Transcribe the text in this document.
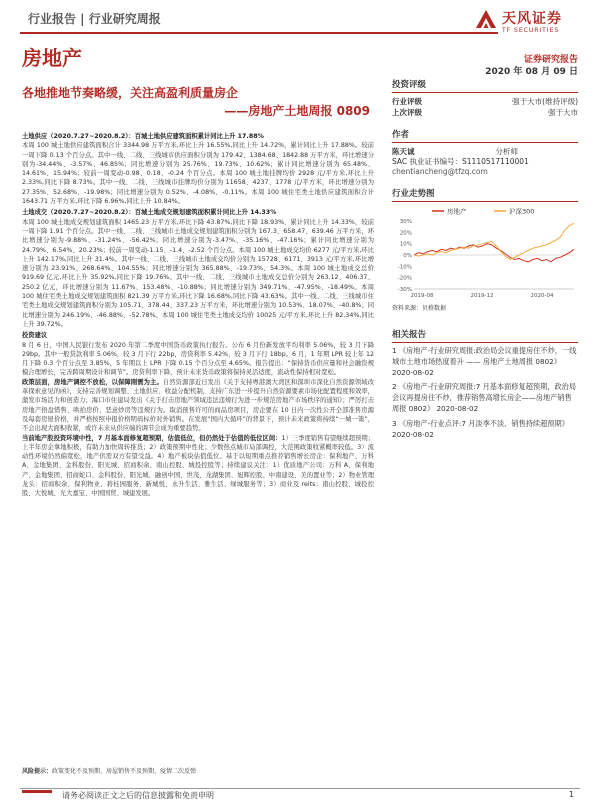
行业报告 | 行业研究周报	天风证券
TF SECURITIES
房地产	证券研究报告
2020 年 08 月 09 日
各地推地节奏略缓，关注高盈利质量房企
——房地产土地周报 0809

土地供应（2020.7.27~2020.8.2）：百城土地供应建筑面积累计同比上升 17.88%

本周 100 城土地供应建筑面积合计 3344.98 万平方米,环比上升 16.55%,同比上升 14.72%，累计同比上升 17.88%。较前一周下降 0.13 个百分点。其中一线、二线、三线城市供应面积分别为 179.42、1384.68、1842.88 万平方米，环比增速分别为-34.44%、-3.57%、46.85%；同比增速分别为 25.76%、19.73%、10.62%；累计同比增速分别为 65.48%、14.61%、15.94%；较前一周变动-0.98、0.18、-0.24 个百分点。本周 100 城土地挂牌均价 2928 元/平方米,环比上升 2.33%,同比下降 8.73%。其中一线、二线、三线城市挂牌均价分别为 11658、4237、1778 元/平方米，环比增速分别为 27.35%、52.68%、-19.98%；同比增速分别为 0.52%、-4.08%、-0.11%。本周 100 城住宅类土地供应建筑面积合计 1643.71 万平方米,环比下降 6.96%,同比上升 10.84%。

土地成交（2020.7.27~2020.8.2）：百城土地成交规划建筑面积累计同比上升 14.33%

本周 100 城土地成交规划建筑面积 1465.23 万平方米,环比下降 43.87%,同比下降 18.93%，累计同比上升 14.33%，较前一周下降 1.91 个百分点。其中一线、二线、三线城市土地成交规划建筑面积分别为 167.3、658.47、639.46 万平方米，环比增速分别为-9.88%、-31.24%、-56.42%；同比增速分别为-3.47%、-35.16%、-47.16%；累计同比增速分别为 24.79%、6.54%、20.23%；较前一周变动-1.15、-1.4、-2.52 个百分点。本周 100 城土地成交均价 6277 元/平方米,环比上升 142.17%,同比上升 31.4%。其中一线、二线、三线城市土地成交均价分别为 15728、6171、3913 元/平方米,环比增速分别为 23.91%、268.64%、104.55%；同比增速分别为 365.88%、-19.73%、54.3%。本周 100 城土地成交总价 919.69 亿元,环比上升 35.92%,同比下降 19.76%。其中一线、二线、三线城市土地成交总价分别为 263.12、406.37、250.2 亿元，环比增速分别为 11.67%、153.48%、-10.88%；同比增速分别为 349.71%、-47.95%、-18.49%。本周 100 城住宅类土地成交规划建筑面积 821.39 万平方米,环比下降 16.68%,同比下降 43.63%。其中一线、二线、三线城市住宅类土地成交规划建筑面积分别为 105.71、378.44、337.23 万平方米，环比增速分别为 10.53%、18.07%、-40.8%；同比增速分别为 246.19%、-46.88%、-52.78%。本周 100 城住宅类土地成交均价 10025 元/平方米,环比上升 82.34%,同比上升 39.72%。

投资建议

8 月 6 日，中国人民银行发布 2020 年第二季度中国货币政策执行报告。公布 6 月份新发放平均利率 5.06%，较 3 月下降 29bp。其中一般贷款利率 5.06%，较 3 月下行 22bp，房贷利率 5.42%，较 3 月下行 18bp。6 月，1 年期 LPR 较上年 12 月下降 0.3 个百分点至 3.85%，5 年期以上 LPR 下降 0.15 个百分点至 4.65%。报告提出：“保持货币供应量和社会融资规模合理增长，完善跨周期设计和调节”。房贷利率下降，预计未来货币政策将保持灵活适度，流动性保持相对宽松。

政策层面，房地产调控不放松，以保障刚需为主。自然资源部近日发出《关于支持粤港澳大湾区和深圳市深化自然资源领域改革探索意见的函》，支持完善规划调整、土地供应、收益分配机制，支持广东进一步提升自然资源要素市场化配置程度和效率，激发市场活力和创造力；海口市住建局发出《关于打击房地产领域违法违规行为进一步规范房地产市场秩序的通知》；严厉打击房地产捂盘惜售、哄抬房价、恶意炒房等违规行为。取消预售许可的商品房项目，房企要在 10 日内一次性公开全部准售房源及每套房屋价格，并严格按照申报价格明码标价对外销售。在发展“国内大循环”的背景下，预计未来政策将持续“一城一策”，不会出现大面积收紧，或许未来从供应端的调节会成为重要趋势。

当前地产股投资环境中性，7 月基本面修复超预期，估值低位，但仍然处于估值的低位区间：1）三季度销售有望继续超预期；上半年房企拿地积极，有助力加快周转推货；2）政策预期中性化；少数热点城市局部调控，大范围政策收紧概率较低。3）流动性环境仍然偏宽松，地产供需双方有望受益。4）地产板块估值低位。基于以短期重点推荐销售增长房企：保利地产、万科 A、金地集团、金科股份、阳光城、招商积余、南山控股、城投控股等；持续建议关注：1）优质地产公司：万科 A、保利地产、金地集团、招商蛇口、金科股份、阳光城、融创中国、世茂、龙湖集团、旭辉控股、中南建设、美的置业等；2）物业管理龙头：招商积余、保利物业、碧桂园服务、新城悦、永升生活、雅生活、绿城服务等；3）商业及 reits：南山控股、城投控股、大悦城、光大嘉宝、中国国贸、城建发展。

风险提示：政策变化不及预期、房屋销售不及预期、疫情二次反弹
投资评级
行业评级	强于大市(维持评级)
上次评级	强于大市
作者
陈天诚	分析师
SAC 执业证书编号：S1110517110001
chentiancheng@tfzq.com
行业走势图
房地产	沪深300
30%
20%
10%
0%
-10%
-20%
-30%
2019-08	2019-12	2020-04
资料来源：贝格数据
相关报告
1 《房地产-行业研究周报:政治局会议重提房住不炒，一线城市土地市场热度着升 —— 房地产土地周报 0802》 2020-08-02
2 《房地产-行业研究周报:7 月基本面修复超预期，政治局会议再提房住不炒，推荐销售高增长房企——房地产销售周报 0802》 2020-08-02
3 《房地产-行业点评:7 月淡季不淡、销售持续超预期》 2020-08-02
请务必阅读正文之后的信息披露和免责申明	1
